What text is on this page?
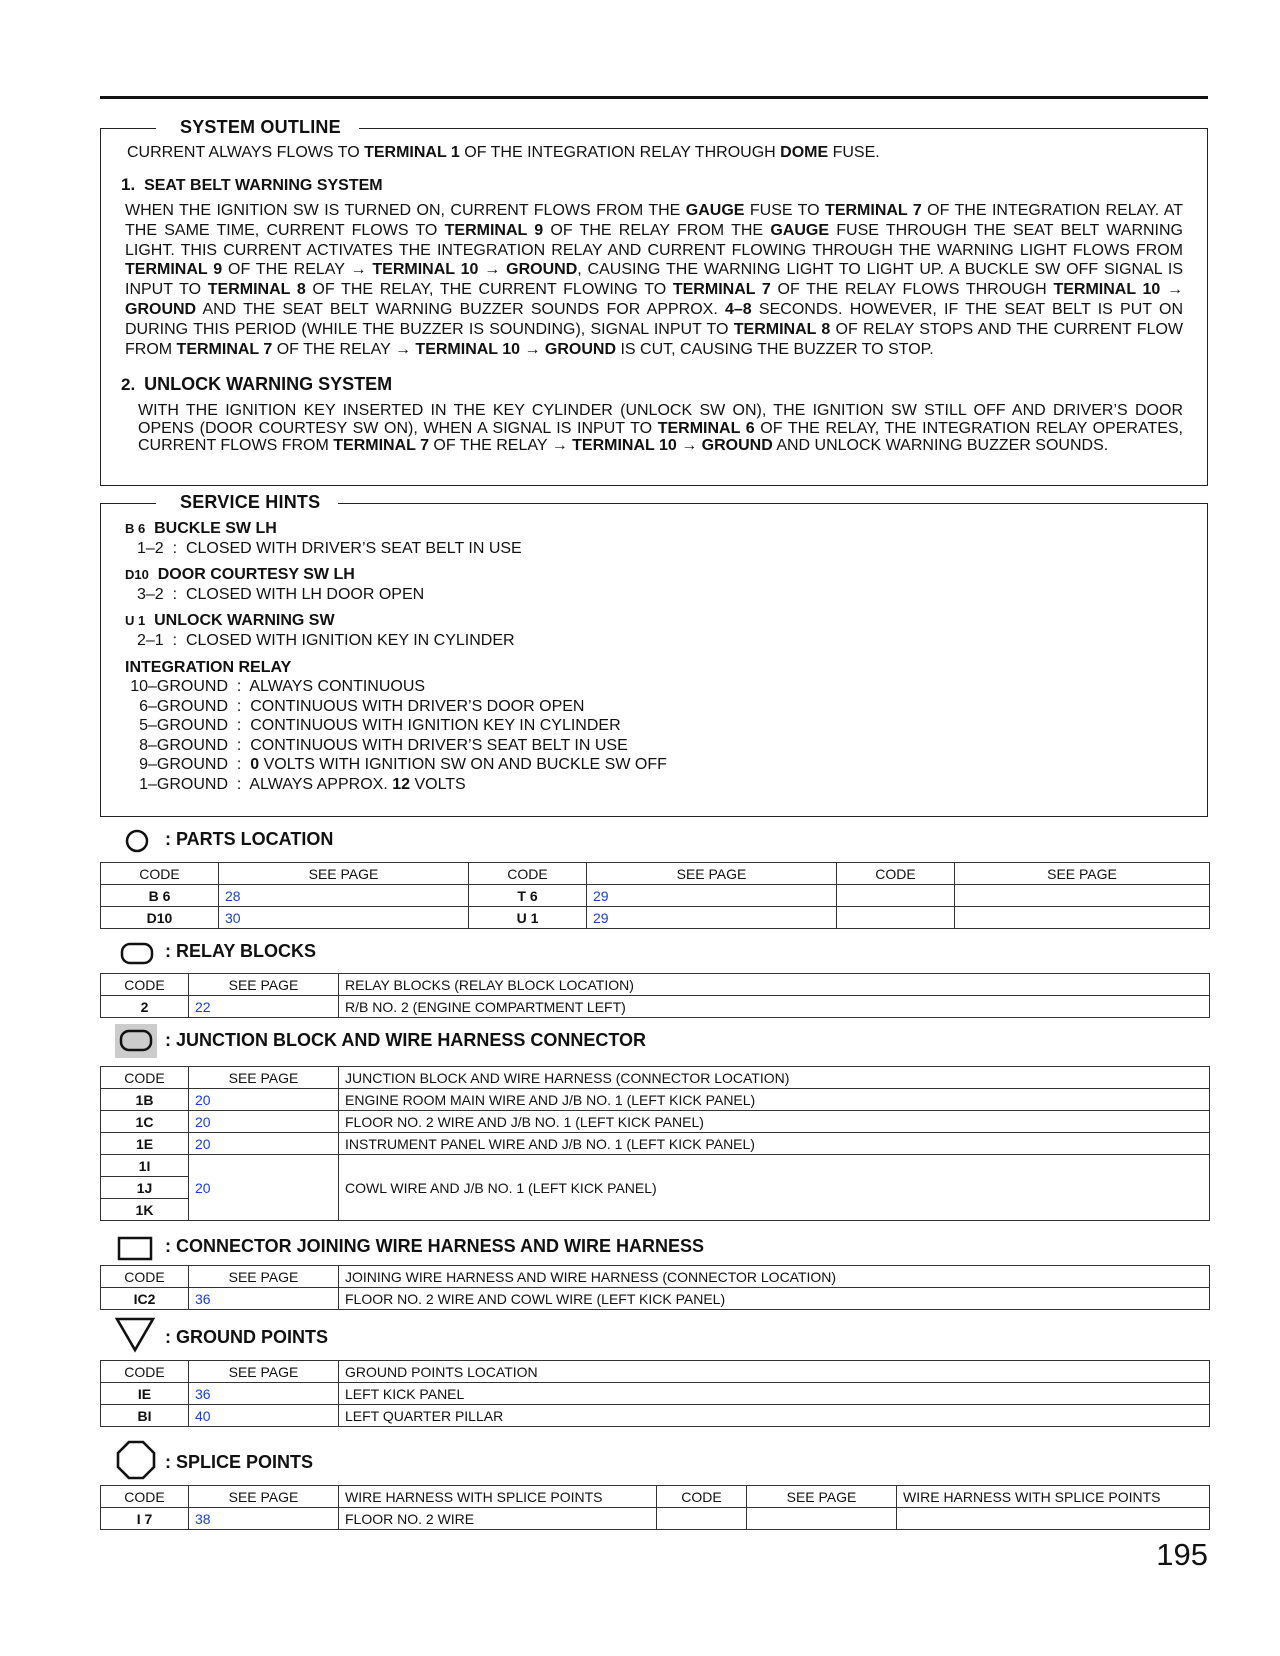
SYSTEM OUTLINE
CURRENT ALWAYS FLOWS TO TERMINAL 1 OF THE INTEGRATION RELAY THROUGH DOME FUSE.
1. SEAT BELT WARNING SYSTEM
WHEN THE IGNITION SW IS TURNED ON, CURRENT FLOWS FROM THE GAUGE FUSE TO TERMINAL 7 OF THE INTEGRATION RELAY. AT THE SAME TIME, CURRENT FLOWS TO TERMINAL 9 OF THE RELAY FROM THE GAUGE FUSE THROUGH THE SEAT BELT WARNING LIGHT. THIS CURRENT ACTIVATES THE INTEGRATION RELAY AND CURRENT FLOWING THROUGH THE WARNING LIGHT FLOWS FROM TERMINAL 9 OF THE RELAY → TERMINAL 10 → GROUND, CAUSING THE WARNING LIGHT TO LIGHT UP. A BUCKLE SW OFF SIGNAL IS INPUT TO TERMINAL 8 OF THE RELAY, THE CURRENT FLOWING TO TERMINAL 7 OF THE RELAY FLOWS THROUGH TERMINAL 10 → GROUND AND THE SEAT BELT WARNING BUZZER SOUNDS FOR APPROX. 4–8 SECONDS. HOWEVER, IF THE SEAT BELT IS PUT ON DURING THIS PERIOD (WHILE THE BUZZER IS SOUNDING), SIGNAL INPUT TO TERMINAL 8 OF RELAY STOPS AND THE CURRENT FLOW FROM TERMINAL 7 OF THE RELAY → TERMINAL 10 → GROUND IS CUT, CAUSING THE BUZZER TO STOP.
2. UNLOCK WARNING SYSTEM
WITH THE IGNITION KEY INSERTED IN THE KEY CYLINDER (UNLOCK SW ON), THE IGNITION SW STILL OFF AND DRIVER’S DOOR OPENS (DOOR COURTESY SW ON), WHEN A SIGNAL IS INPUT TO TERMINAL 6 OF THE RELAY, THE INTEGRATION RELAY OPERATES, CURRENT FLOWS FROM TERMINAL 7 OF THE RELAY → TERMINAL 10 → GROUND AND UNLOCK WARNING BUZZER SOUNDS.
SERVICE HINTS
B 6 BUCKLE SW LH
1–2  :  CLOSED WITH DRIVER’S SEAT BELT IN USE
D10 DOOR COURTESY SW LH
3–2  :  CLOSED WITH LH DOOR OPEN
U 1 UNLOCK WARNING SW
2–1  :  CLOSED WITH IGNITION KEY IN CYLINDER
INTEGRATION RELAY
10–GROUND  :  ALWAYS CONTINUOUS
6–GROUND  :  CONTINUOUS WITH DRIVER’S DOOR OPEN
5–GROUND  :  CONTINUOUS WITH IGNITION KEY IN CYLINDER
8–GROUND  :  CONTINUOUS WITH DRIVER’S SEAT BELT IN USE
9–GROUND  :  0 VOLTS WITH IGNITION SW ON AND BUCKLE SW OFF
1–GROUND  :  ALWAYS APPROX. 12 VOLTS
: PARTS LOCATION
CODE	SEE PAGE	CODE	SEE PAGE	CODE	SEE PAGE
B 6	28	T 6	29		
D10	30	U 1	29		
: RELAY BLOCKS
CODE	SEE PAGE	RELAY BLOCKS (RELAY BLOCK LOCATION)
2	22	R/B NO. 2 (ENGINE COMPARTMENT LEFT)
: JUNCTION BLOCK AND WIRE HARNESS CONNECTOR
CODE	SEE PAGE	JUNCTION BLOCK AND WIRE HARNESS (CONNECTOR LOCATION)
1B	20	ENGINE ROOM MAIN WIRE AND J/B NO. 1 (LEFT KICK PANEL)
1C	20	FLOOR NO. 2 WIRE AND J/B NO. 1 (LEFT KICK PANEL)
1E	20	INSTRUMENT PANEL WIRE AND J/B NO. 1 (LEFT KICK PANEL)
1I	20	COWL WIRE AND J/B NO. 1 (LEFT KICK PANEL)
1J		
1K		
: CONNECTOR JOINING WIRE HARNESS AND WIRE HARNESS
CODE	SEE PAGE	JOINING WIRE HARNESS AND WIRE HARNESS (CONNECTOR LOCATION)
IC2	36	FLOOR NO. 2 WIRE AND COWL WIRE (LEFT KICK PANEL)
: GROUND POINTS
CODE	SEE PAGE	GROUND POINTS LOCATION
IE	36	LEFT KICK PANEL
BI	40	LEFT QUARTER PILLAR
: SPLICE POINTS
CODE	SEE PAGE	WIRE HARNESS WITH SPLICE POINTS	CODE	SEE PAGE	WIRE HARNESS WITH SPLICE POINTS
I 7	38	FLOOR NO. 2 WIRE			
195
